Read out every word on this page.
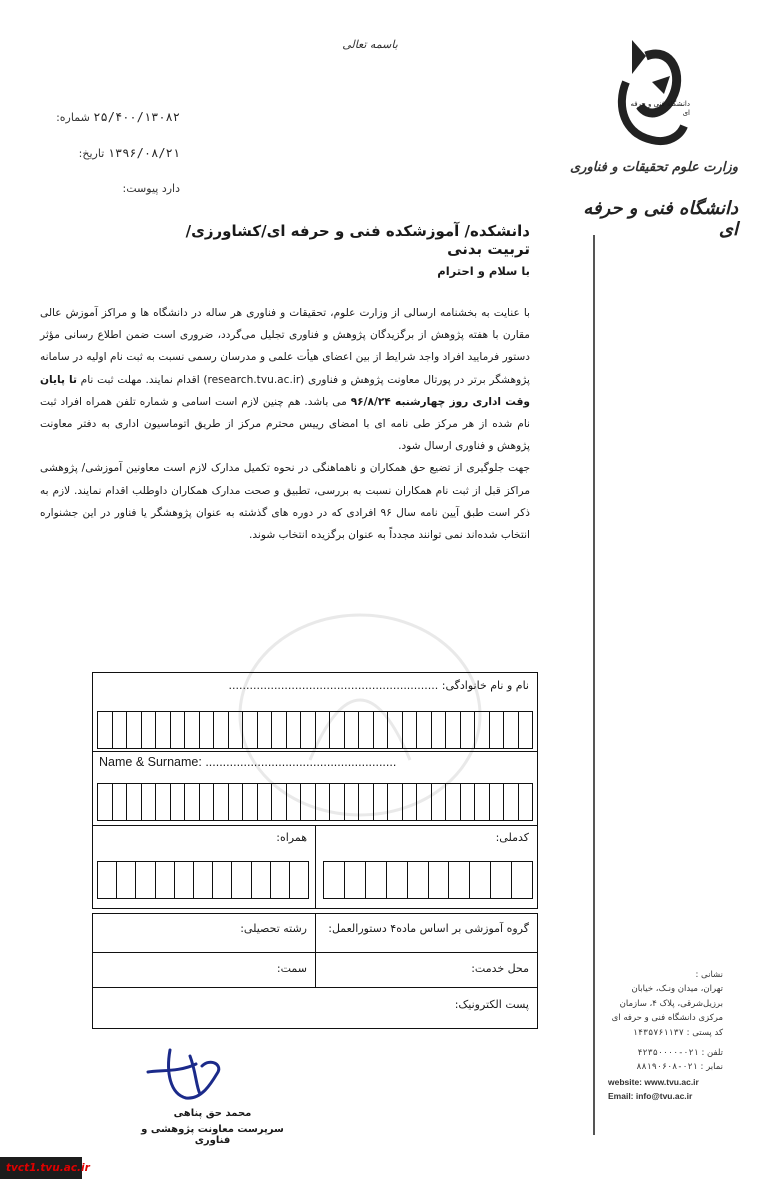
باسمه تعالی
۲۵/۴۰۰/۱۳۰۸۲ شماره:
۱۳۹۶/۰۸/۲۱ تاریخ:
دارد پیوست:
دانشگاه فنی و حرفه ای
وزارت علوم تحقیقات و فناوری
دانشگاه فنی و حرفه ای
دانشکده/ آموزشکده فنی و حرفه ای/کشاورزی/تربیت بدنی
با سلام و احترام
با عنایت به بخشنامه ارسالی از وزارت علوم، تحقیقات و فناوری هر ساله در دانشگاه ها و مراکز آموزش عالی مقارن با هفته پژوهش از برگزیدگان پژوهش و فناوری تجلیل می‌گردد، ضروری است ضمن اطلاع رسانی مؤثر دستور فرمایید افراد واجد شرایط از بین اعضای هیأت علمی و مدرسان رسمی نسبت به ثبت نام اولیه در سامانه پژوهشگر برتر در پورتال معاونت پژوهش و فناوری (research.tvu.ac.ir) اقدام نمایند. مهلت ثبت نام تا پایان وقت اداری روز چهارشنبه ۹۶/۸/۲۴ می باشد. هم چنین لازم است اسامی و شماره تلفن همراه افراد ثبت نام شده از هر مرکز طی نامه ای با امضای رییس محترم مرکز از طریق اتوماسیون اداری به دفتر معاونت پژوهش و فناوری ارسال شود.
جهت جلوگیری از تضیع حق همکاران و ناهماهنگی در نحوه تکمیل مدارک لازم است معاونین آموزشی/ پژوهشی مراکز قبل از ثبت نام همکاران نسبت به بررسی، تطبیق و صحت مدارک همکاران داوطلب اقدام نمایند. لازم به ذکر است طبق آیین نامه سال ۹۶ افرادی که در دوره های گذشته به عنوان پژوهشگر یا فناور در این جشنواره انتخاب شده‌اند نمی توانند مجدداً به عنوان برگزیده انتخاب شوند.
نام و نام خانوادگی: ............................................................
Name & Surname: .......................................................
کدملی:
همراه:
گروه آموزشی بر اساس ماده۴ دستورالعمل:
رشته تحصیلی:
محل خدمت:
سمت:
پست الکترونیک:
نشانی :
تهران، میدان ونـک، خیابان
برزیل‌شرقی، پلاک ۴، سازمان
مرکزی دانشگاه فنی و حرفه ای
کد پستی : ۱۴۳۵۷۶۱۱۳۷
تلفن : ۰۲۱-۴۲۳۵۰۰۰۰
نمابر : ۰۲۱-۸۸۱۹۰۶۰۸
website: www.tvu.ac.ir
Email: info@tvu.ac.ir
محمد حق پناهی
سرپرست معاونت پژوهشی و فناوری
tvct1.tvu.ac.ir
